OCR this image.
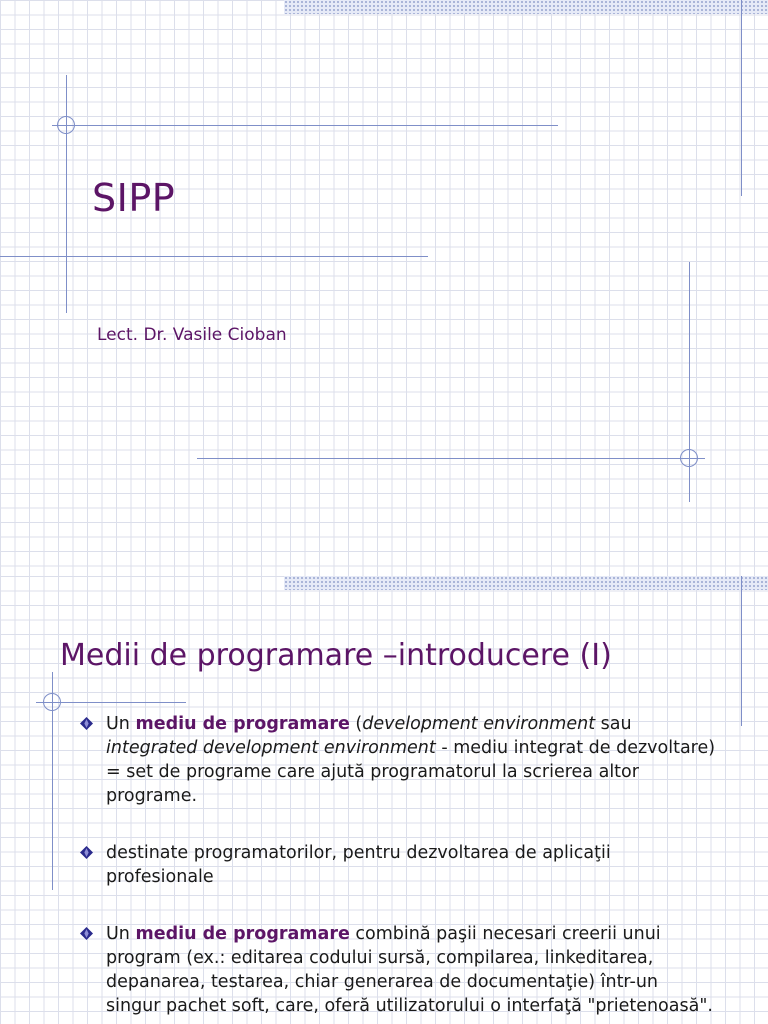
SIPP

Lect. Dr. Vasile Cioban

Medii de programare –introducere (I)
Un mediu de programare (development environment sau integrated development environment - mediu integrat de dezvoltare) = set de programe care ajută programatorul la scrierea altor programe.
destinate programatorilor, pentru dezvoltarea de aplicaţii profesionale
Un mediu de programare combină paşii necesari creerii unui program (ex.: editarea codului sursă, compilarea, linkeditarea, depanarea, testarea, chiar generarea de documentaţie) într-un singur pachet soft, care, oferă utilizatorului o interfaţă "prietenoasă".
